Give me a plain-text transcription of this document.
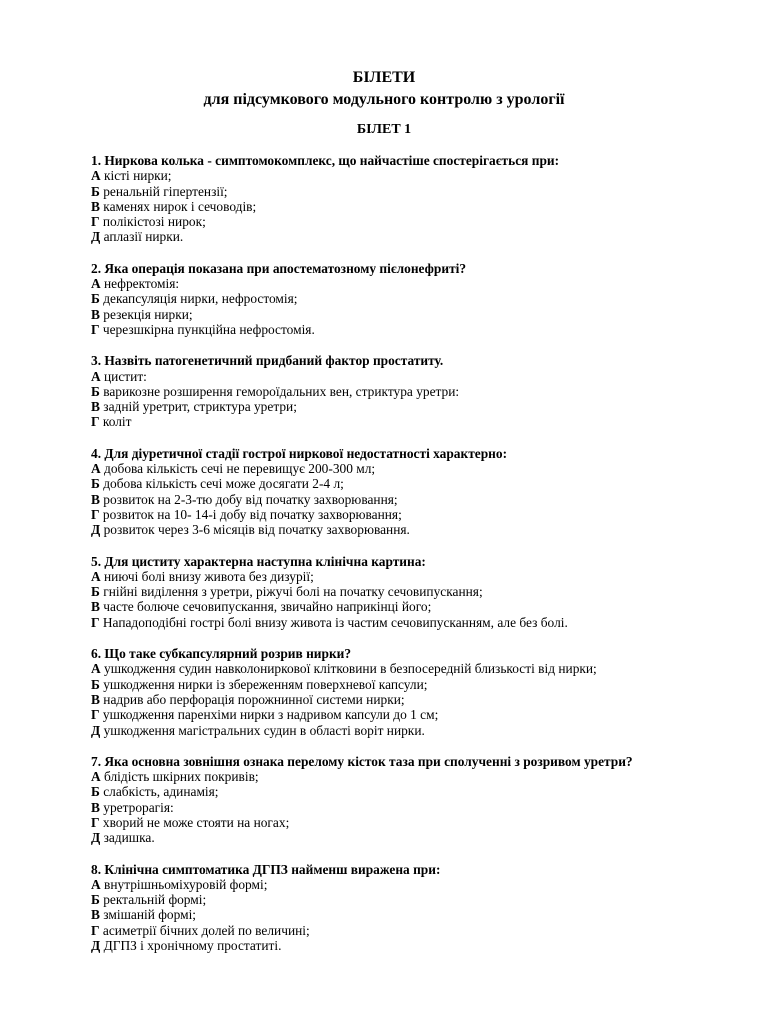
БІЛЕТИ
для підсумкового модульного контролю з урології
БІЛЕТ 1
1. Ниркова колька - симптомокомплекс, що найчастіше спостерігається при:
А кісті нирки;
Б ренальній гіпертензії;
В каменях нирок і сечоводів;
Г полікістозі нирок;
Д аплазії нирки.
2. Яка операція показана при апостематозному пієлонефриті?
А нефректомія:
Б декапсуляція нирки, нефростомія;
В резекція нирки;
Г черезшкірна пункційна нефростомія.
3. Назвіть патогенетичний придбаний фактор простатиту.
А цистит:
Б варикозне розширення гемороїдальних вен, стриктура уретри:
В задній уретрит, стриктура уретри;
Г коліт
4. Для діуретичної стадії гострої ниркової недостатності характерно:
А добова кількість сечі не перевищує 200-300 мл;
Б добова кількість сечі може досягати 2-4 л;
В розвиток на 2-3-тю добу від початку захворювання;
Г розвиток на 10- 14-і добу від початку захворювання;
Д розвиток через 3-6 місяців від початку захворювання.
5. Для циститу характерна наступна клінічна картина:
А ниючі болі внизу живота без дизурії;
Б гнійні виділення з уретри, ріжучі болі на початку сечовипускання;
В часте болюче сечовипускання, звичайно наприкінці його;
Г Нападоподібні гострі болі внизу живота із частим сечовипусканням, але без болі.
6. Що таке субкапсулярний розрив нирки?
А ушкодження судин навколониркової клітковини в безпосередній близькості від нирки;
Б ушкодження нирки із збереженням поверхневої капсули;
В надрив або перфорація порожнинної системи нирки;
Г ушкодження паренхіми нирки з надривом капсули до 1 см;
Д ушкодження магістральних судин в області воріт нирки.
7. Яка основна зовнішня ознака перелому кісток таза при сполученні з розривом уретри?
А блідість шкірних покривів;
Б слабкість, адинамія;
В уретрорагія:
Г хворий не може стояти на ногах;
Д задишка.
8. Клінічна симптоматика ДГПЗ найменш виражена при:
А внутрішньоміхуровій формі;
Б ректальній формі;
В змішаній формі;
Г асиметрії бічних долей по величині;
Д ДГПЗ і хронічному простатиті.
